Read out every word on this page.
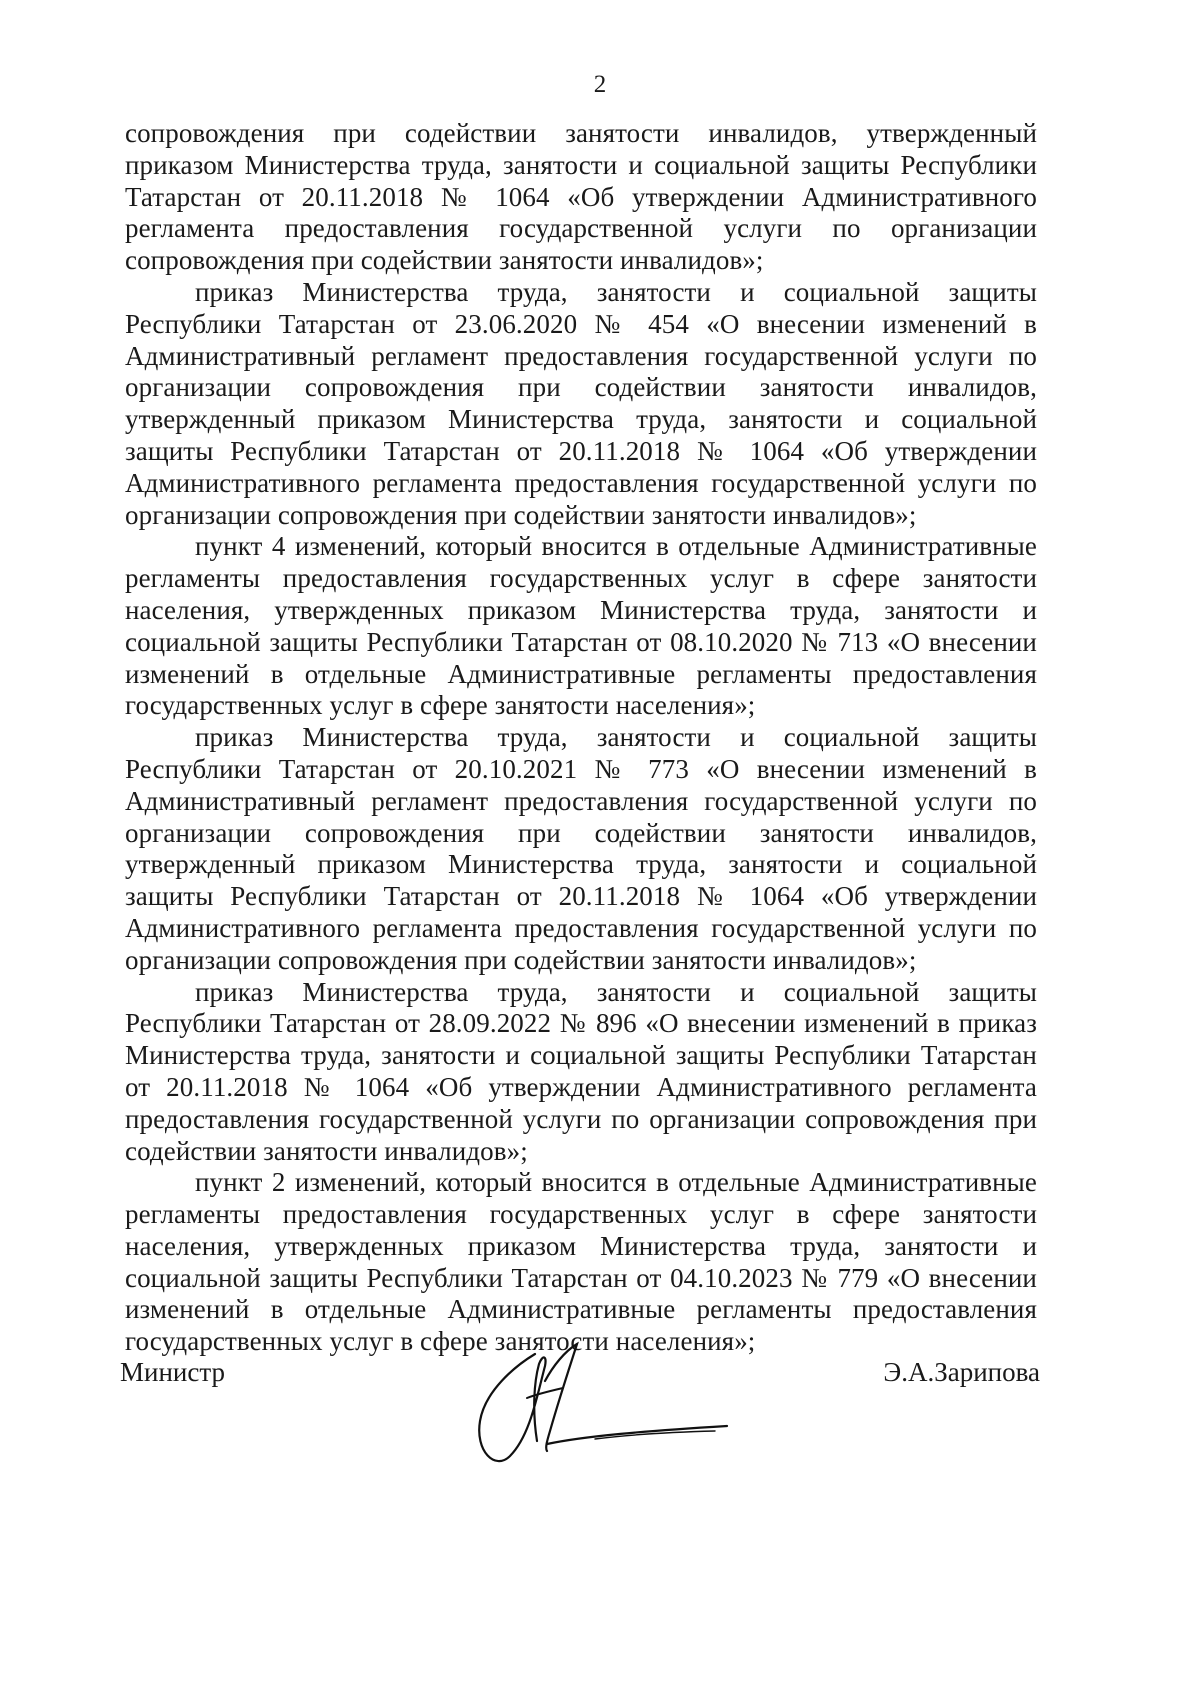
2

сопровождения при содействии занятости инвалидов, утвержденный приказом Министерства труда, занятости и социальной защиты Республики Татарстан от 20.11.2018 № 1064 «Об утверждении Административного регламента предоставления государственной услуги по организации сопровождения при содействии занятости инвалидов»;

приказ Министерства труда, занятости и социальной защиты Республики Татарстан от 23.06.2020 № 454 «О внесении изменений в Административный регламент предоставления государственной услуги по организации сопровождения при содействии занятости инвалидов, утвержденный приказом Министерства труда, занятости и социальной защиты Республики Татарстан от 20.11.2018 № 1064 «Об утверждении Административного регламента предоставления государственной услуги по организации сопровождения при содействии занятости инвалидов»;

пункт 4 изменений, который вносится в отдельные Административные регламенты предоставления государственных услуг в сфере занятости населения, утвержденных приказом Министерства труда, занятости и социальной защиты Республики Татарстан от 08.10.2020 № 713 «О внесении изменений в отдельные Административные регламенты предоставления государственных услуг в сфере занятости населения»;

приказ Министерства труда, занятости и социальной защиты Республики Татарстан от 20.10.2021 № 773 «О внесении изменений в Административный регламент предоставления государственной услуги по организации сопровождения при содействии занятости инвалидов, утвержденный приказом Министерства труда, занятости и социальной защиты Республики Татарстан от 20.11.2018 № 1064 «Об утверждении Административного регламента предоставления государственной услуги по организации сопровождения при содействии занятости инвалидов»;

приказ Министерства труда, занятости и социальной защиты Республики Татарстан от 28.09.2022 № 896 «О внесении изменений в приказ Министерства труда, занятости и социальной защиты Республики Татарстан от 20.11.2018 № 1064 «Об утверждении Административного регламента предоставления государственной услуги по организации сопровождения при содействии занятости инвалидов»;

пункт 2 изменений, который вносится в отдельные Административные регламенты предоставления государственных услуг в сфере занятости населения, утвержденных приказом Министерства труда, занятости и социальной защиты Республики Татарстан от 04.10.2023 № 779 «О внесении изменений в отдельные Административные регламенты предоставления государственных услуг в сфере занятости населения»;

Министр	Э.А.Зарипова
